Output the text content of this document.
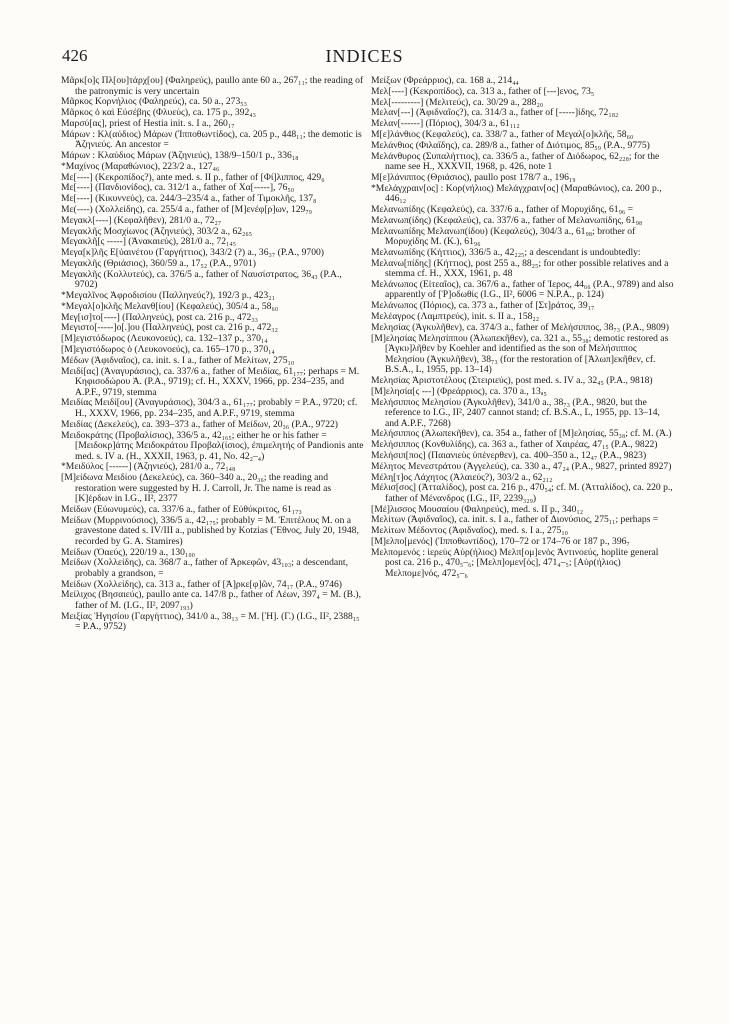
426	INDICES

Μᾶρκ[ο]ς Πλ[ου]τάρχ[ου] (Φαληρεύς), paullo ante 60 a., 267₁₁; the reading of the patronymic is very uncertain

Μᾶρκος Κορνήλιος (Φαληρεύς), ca. 50 a., 273₅₃

Μᾶρκος ὁ καὶ Εὐσέβης (Φλυεύς), ca. 175 p., 392₄₃

Μαρσύ[ας], priest of Hestia init. s. I a., 260₁₇

Μάρων : Κλ(αύδιος) Μάρων (Ἱπποθωντίδος), ca. 205 p., 448₁₁; the demotic is Ἀζηνιεύς. An ancestor =

Μάρων : Κλαύδιος Μάρων (Ἀζηνιεύς), 138/9–150/1 p., 336₁₈

*Μαχίνος (Μαραθώνιος), 223/2 a., 127₄₆

Με[----] (Κεκροπίδος?), ante med. s. II p., father of [Φί]λιππος, 429₆

Με[----] (Πανδιονίδος), ca. 312/1 a., father of Χα[-----], 76₅₀

Με[----] (Κικυννεύς), ca. 244/3–235/4 a., father of Τιμοκλῆς, 137₈

Με(----) (Χολλείδης), ca. 255/4 a., father of [Μ]ενέφ[ρ]ων, 129₇₉

Μεγακλ[----] (Κεφαλῆθεν), 281/0 a., 72₂₇

Μεγακλῆς Μοσχίωνος (Ἀζηνιεύς), 303/2 a., 62₂₆₅

Μεγακλῆ[ς -----] (Ἀνακαιεύς), 281/0 a., 72₁₄₅

Μεγα[κ]λῆς Ε[ὐαινέτου (Γαργήττιος), 343/2 (?) a., 36₃₇ (P.A., 9700)

Μεγακλῆς (Θριάσιος), 360/59 a., 17₅₂ (P.A., 9701)

Μεγακλῆς (Κολλυτεύς), ca. 376/5 a., father of Ναυσίστρατος, 36₄₃ (P.A., 9702)

*Μεγαλῖνος Ἀφροδισίου (Παλληνεύς?), 192/3 p., 423₂₁

*Μεγαλ[ο]κλῆς Μελανθ[ίου] (Κεφαλεύς), 305/4 a., 58₆₀

Μεγ[ισ]το[----] (Παλληνεύς), post ca. 216 p., 472₃₃

Μεγιστο[-----]ο[.]ου (Παλληνεύς), post ca. 216 p., 472₃₂

[Μ]εγιστόδωρος (Λευκονοεύς), ca. 132–137 p., 370₁₄

[Μ]εγιστόδωρος ὁ (Λευκονοεύς), ca. 165–170 p., 370₁₄

Μέδων (Ἀφιδναῖος), ca. init. s. I a., father of Μελίτων, 275₁₀

Μειδί[ας] (Ἀναγυράσιος), ca. 337/6 a., father of Μειδίας, 61₁₇₇; perhaps = Μ. Κηφισοδώρου Ἀ. (P.A., 9719); cf. H., XXXV, 1966, pp. 234–235, and A.P.F., 9719, stemma

Μειδίας Μειδί[ου] (Ἀναγυράσιος), 304/3 a., 61₁₇₇; probably = P.A., 9720; cf. H., XXXV, 1966, pp. 234–235, and A.P.F., 9719, stemma

Μειδίας (Δεκελεύς), ca. 393–373 a., father of Μείδων, 20₃₆ (P.A., 9722)

Μειδοκράτης (Προβαλίσιος), 336/5 a., 42₁₆₅; either he or his father = [Μειδοκρ]άτης Μειδοκράτου Προβαλ(ίσιος), ἐπιμελητής of Pandionis ante med. s. IV a. (H., XXXII, 1963, p. 41, No. 42₂–₄)

*Μειδύλος [------] (Ἀζηνιεύς), 281/0 a., 72₁₄₈

[Μ]είδωνα Μειδίου (Δεκελεύς), ca. 360–340 a., 20₃₆; the reading and restoration were suggested by H. J. Carroll, Jr. The name is read as [Κ]έρδων in I.G., II², 2377

Μείδων (Εὐωνυμεύς), ca. 337/6 a., father of Εὐθύκριτος, 61₁₇₃

Μείδων (Μυρρινούσιος), 336/5 a., 42₁₇₅; probably = Μ. Ἐπιτέλους Μ. on a gravestone dated s. IV/III a., published by Kotzias (Ἔθνος, July 20, 1948, recorded by G. A. Stamires)

Μείδων (Ὀαεύς), 220/19 a., 130₁₀₀

Μείδων (Χολλείδης), ca. 368/7 a., father of Ἀρκεφῶν, 43₁₀₃; a descendant, probably a grandson, =

Μείδων (Χολλείδης), ca. 313 a., father of [Ἀ]ρκε[φ]ῶν, 74₁₇ (P.A., 9746)

Μείλιχος (Βησαιεύς), paullo ante ca. 147/8 p., father of Λέων, 397₄ = M. (B.), father of M. (I.G., II², 2097₁₉₃)

Μειξίας Ἡγησίου (Γαργήττιος), 341/0 a., 38₁₃ = M. [Ἡ]. (Γ.) (I.G., II², 2388₁₅ = P.A., 9752)

Μείξων (Φρεάρριος), ca. 168 a., 214₄₄

Μελ[----] (Κεκροπίδος), ca. 313 a., father of [---]ενος, 73₅

Μελ[---------] (Μελιτεύς), ca. 30/29 a., 288₂₀

Μελαν[---] (Ἀφιδναῖος?), ca. 314/3 a., father of [-----]ίδης, 72₁₈₂

Μελαν[------] (Πόριος), 304/3 a., 61₁₁₂

Μ[ε]λάνθιος (Κεφαλεύς), ca. 338/7 a., father of Μεγαλ[ο]κλῆς, 58₆₀

Μελάνθιος (Φιλαΐδης), ca. 289/8 a., father of Διότιμος, 85₅₉ (P.A., 9775)

Μελάνθυρος (Συπαλήττιος), ca. 336/5 a., father of Διόδωρος, 62₂₂₈; for the name see H., XXXVII, 1968, p. 426, note 1

Μ[ε]λάνιππος (Θριάσιος), paullo post 178/7 a., 196₁₉

*Μελάγχραιν[ος] : Κορ(νήλιος) Μελάγχραιν[ος] (Μαραθώνιος), ca. 200 p., 446₁₂

Μελανωπίδης (Κεφαλεύς), ca. 337/6 a., father of Μορυχίδης, 61₉₆ =

Μελανωπ(ίδης) (Κεφαλεύς), ca. 337/6 a., father of Μελανωπίδης, 61₉₈

Μελανωπίδης Μελανωπ(ίδου) (Κεφαλεύς), 304/3 a., 61₉₈; brother of Μορυχίδης Μ. (Κ.), 61₉₆

Μελανωπίδης (Κήττιος), 336/5 a., 42₂₂₅; a descendant is undoubtedly:

Μελανω[πίδης] (Κήττιος), post 255 a., 88₂₅; for other possible relatives and a stemma cf. H., XXX, 1961, p. 48

Μελάνωπος (Εἰτεαῖος), ca. 367/6 a., father of Ἱερος, 44₆₆ (P.A., 9789) and also apparently of [Ῥ]οδωθίς (I.G., II², 6006 = N.P.A., p. 124)

Μελάνωπος (Πόριος), ca. 373 a., father of [Στ]ράτος, 39₁₇

Μελέαγρος (Λαμπτρεύς), init. s. II a., 158₂₂

Μελησίας (Ἀγκυλῆθεν), ca. 374/3 a., father of Μελήσιππος, 38₇₃ (P.A., 9809)

[Μ]ελησίας Μελησίππου (Ἀλωπεκῆθεν), ca. 321 a., 55₃₈; demotic restored as [Ἀγκυ]λῆθεν by Koehler and identified as the son of Μελήσιππος Μελησίου (Ἀγκυλῆθεν), 38₇₃ (for the restoration of [Ἀλωπ]εκῆθεν, cf. B.S.A., L, 1955, pp. 13–14)

Μελησίας Ἀριστοτέλους (Στειριεύς), post med. s. IV a., 32₄₅ (P.A., 9818)

[Μ]ελησία[ς ---] (Φρεάρριος), ca. 370 a., 13ₐ₅

Μελήσιππος Μελησίου (Ἀγκυλῆθεν), 341/0 a., 38₇₃ (P.A., 9820, but the reference to I.G., II², 2407 cannot stand; cf. B.S.A., L, 1955, pp. 13–14, and A.P.F., 7268)

Μελήσιππος (Ἀλωπεκῆθεν), ca. 354 a., father of [Μ]ελησίας, 55₃₈; cf. Μ. (Ἀ.)

Μελήσιππος (Κονθυλίδης), ca. 363 a., father of Χαιρέας, 47₁₅ (P.A., 9822)

Μελήσιπ[πος] (Παιανιεὺς ὑπένερθεν), ca. 400–350 a., 12₄₇ (P.A., 9823)

Μέλητος Μενεστράτου (Ἀγγελεύς), ca. 330 a., 47₂₄ (P.A., 9827, printed 8927)

Μέλη[τ]ος Λάχητος (Ἁλαιεύς?), 303/2 a., 62₂₁₂

Μέλισ[σος] (Ἀτταλίδος), post ca. 216 p., 470₅₄; cf. M. (Ἀτταλίδος), ca. 220 p., father of Μένανδρος (I.G., II², 2239₃₂₉)

[Μέ]λισσος Μουσαίου (Φαληρεύς), med. s. II p., 340₁₂

Μελίτων (Ἀφιδναῖος), ca. init. s. I a., father of Διονύσιος, 275₁₁; perhaps =

Μελίτων Μέδοντος (Ἀφιδναῖος), med. s. I a., 275₁₀

[Μ]ελπο[μενός] (Ἱπποθωντίδος), 170–72 or 174–76 or 187 p., 396₇

Μελπομενός : ἱερεὺς Αὐρ(ήλιος) Μελπ[ομ]ενὸς Ἀντινοεύς, hoplite general post ca. 216 p., 470₅–₆; [Μελπ]ομεν[ός], 471₄–₅; [Αὐρ(ήλιος) Μελπομε]νός, 472₅–₆
